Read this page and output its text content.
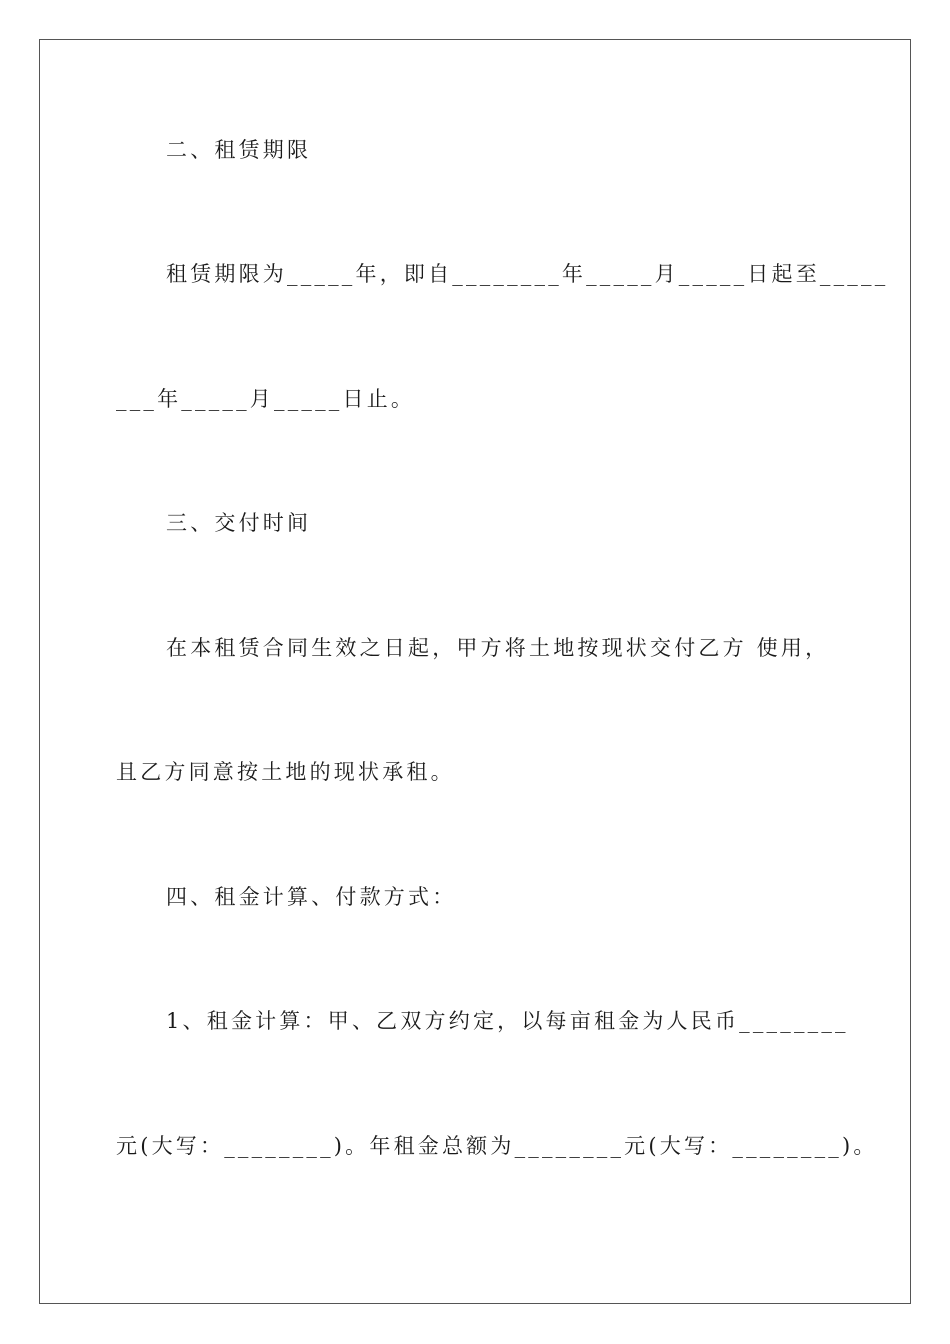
二、租赁期限
租赁期限为_____年，即自________年_____月_____日起至_____
___年_____月_____日止。
三、交付时间
在本租赁合同生效之日起，甲方将土地按现状交付乙方 使用，
且乙方同意按土地的现状承租。
四、租金计算、付款方式：
1、租金计算：甲、乙双方约定，以每亩租金为人民币________
元(大写：________)。年租金总额为________元(大写：________)。
